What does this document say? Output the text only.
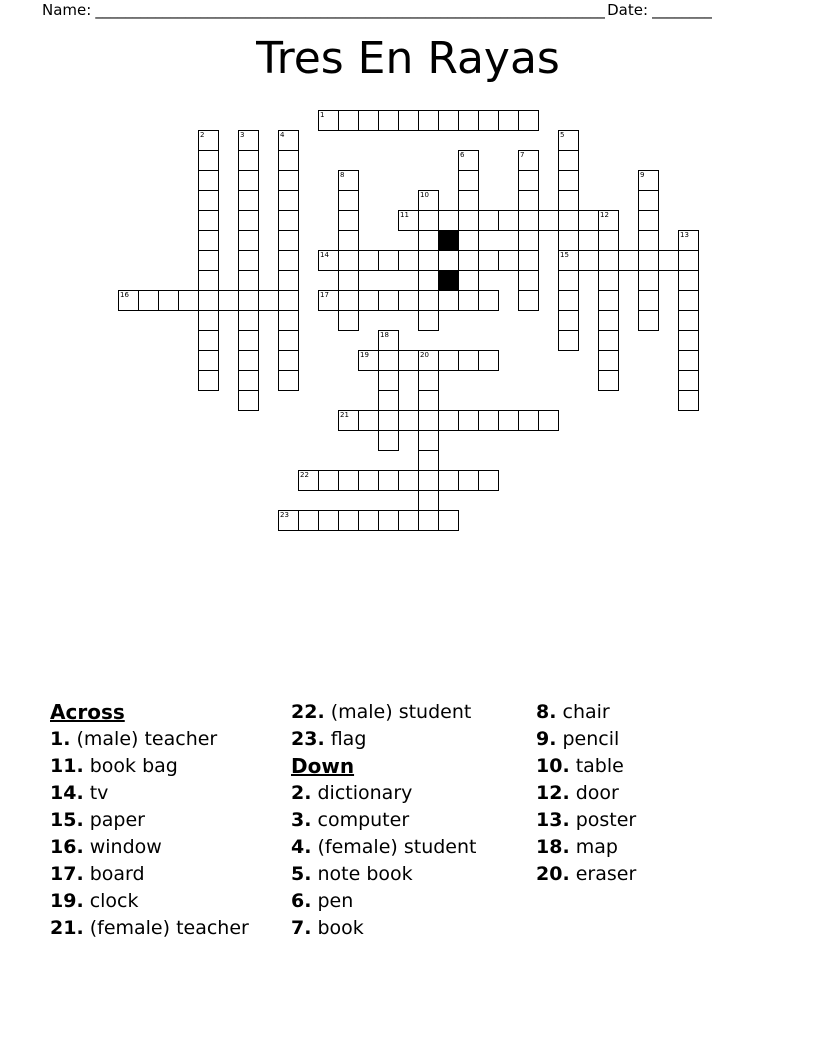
Name: ____________________________________________________________________ Date: ________
Tres En Rayas
1
11
14	15
16	17
19	20
21
22
23
2	3	4	5
6	7
8	9
10
12
13
18
Across
1. (male) teacher
11. book bag
14. tv
15. paper
16. window
17. board
19. clock
21. (female) teacher
22. (male) student
23. flag
Down
2. dictionary
3. computer
4. (female) student
5. note book
6. pen
7. book
8. chair
9. pencil
10. table
12. door
13. poster
18. map
20. eraser
